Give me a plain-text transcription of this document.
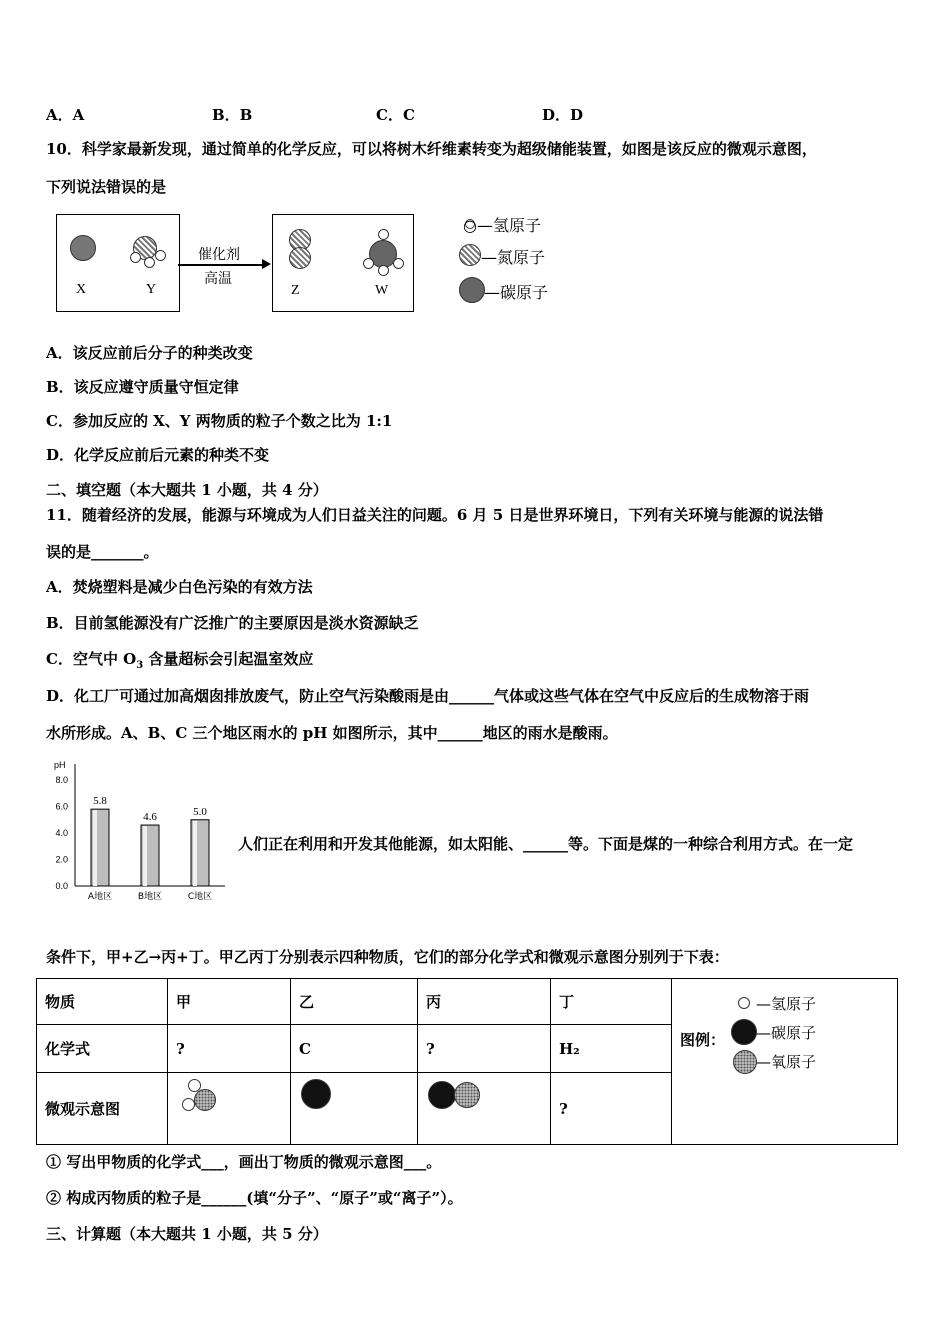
A．A	B．B	C．C	D．D
10．科学家最新发现，通过简单的化学反应，可以将树木纤维素转变为超级储能装置，如图是该反应的微观示意图，
下列说法错误的是
X	Y
催化剂
高温
Z	W
○—氢原子
—氮原子
—碳原子
A．该反应前后分子的种类改变
B．该反应遵守质量守恒定律
C．参加反应的 X、Y 两物质的粒子个数之比为 1:1
D．化学反应前后元素的种类不变
二、填空题（本大题共 1 小题，共 4 分）
11．随着经济的发展，能源与环境成为人们日益关注的问题。6 月 5 日是世界环境日，下列有关环境与能源的说法错
误的是_______。
A．焚烧塑料是减少白色污染的有效方法
B．目前氢能源没有广泛推广的主要原因是淡水资源缺乏
C．空气中 $O_3$ 含量超标会引起温室效应
D．化工厂可通过加高烟囱排放废气，防止空气污染酸雨是由______气体或这些气体在空气中反应后的生成物溶于雨
水所形成。A、B、C 三个地区雨水的 pH 如图所示，其中______地区的雨水是酸雨。
pH
0.0
2.0
4.0
6.0
8.0
5.8
A地区
4.6
B地区
5.0
C地区
人们正在利用和开发其他能源，如太阳能、______等。下面是煤的一种综合利用方式。在一定
条件下，甲+乙→丙+丁。甲乙丙丁分别表示四种物质，它们的部分化学式和微观示意图分别列于下表：
物质	甲	乙	丙	丁	图例：
—氢原子
—碳原子
—氧原子

化学式	?	C	?	H₂	
微观示意图				?	
① 写出甲物质的化学式___，画出丁物质的微观示意图___。
② 构成丙物质的粒子是______(填“分子”、“原子”或“离子”）。
三、计算题（本大题共 1 小题，共 5 分）
